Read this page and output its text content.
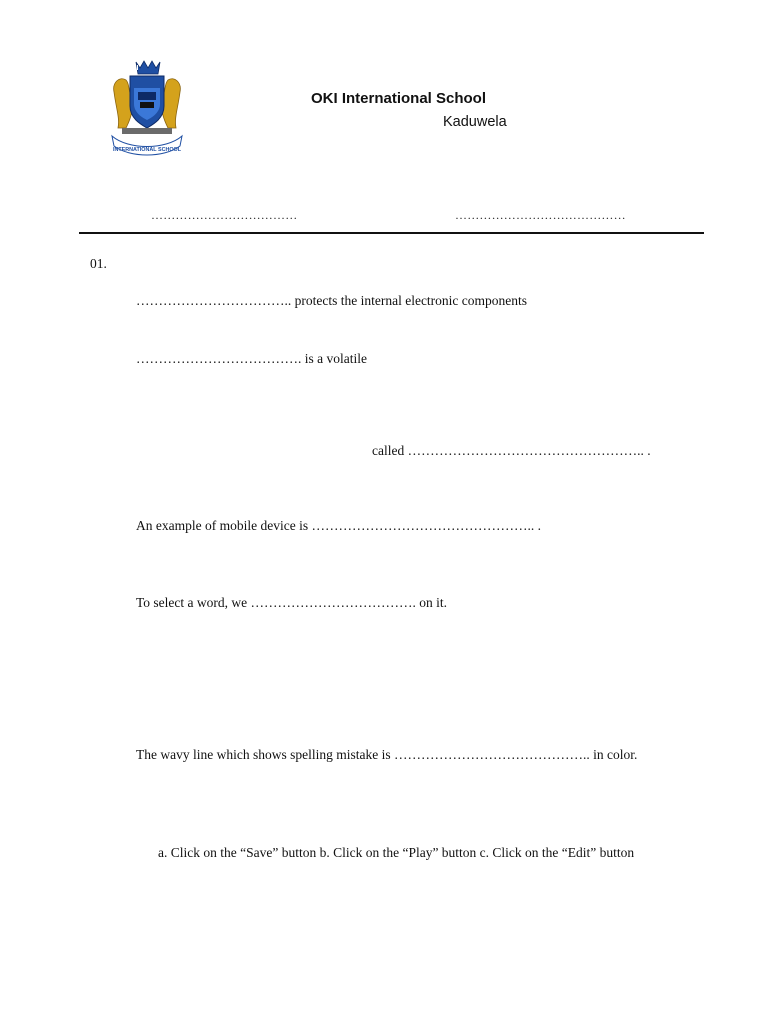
OKI
INTERNATIONAL SCHOOL
OKI International School
Kaduwela
………………………………	……………………………………
01.
…………………………….. protects the internal electronic components
………………………………. is a volatile
called …………………………………………….. .
An example of mobile device is ………………………………………….. .
To select a word, we ………………………………. on it.
The wavy line which shows spelling mistake is …………………………………….. in color.
a. Click on the “Save” button b. Click on the “Play” button c. Click on the “Edit” button
